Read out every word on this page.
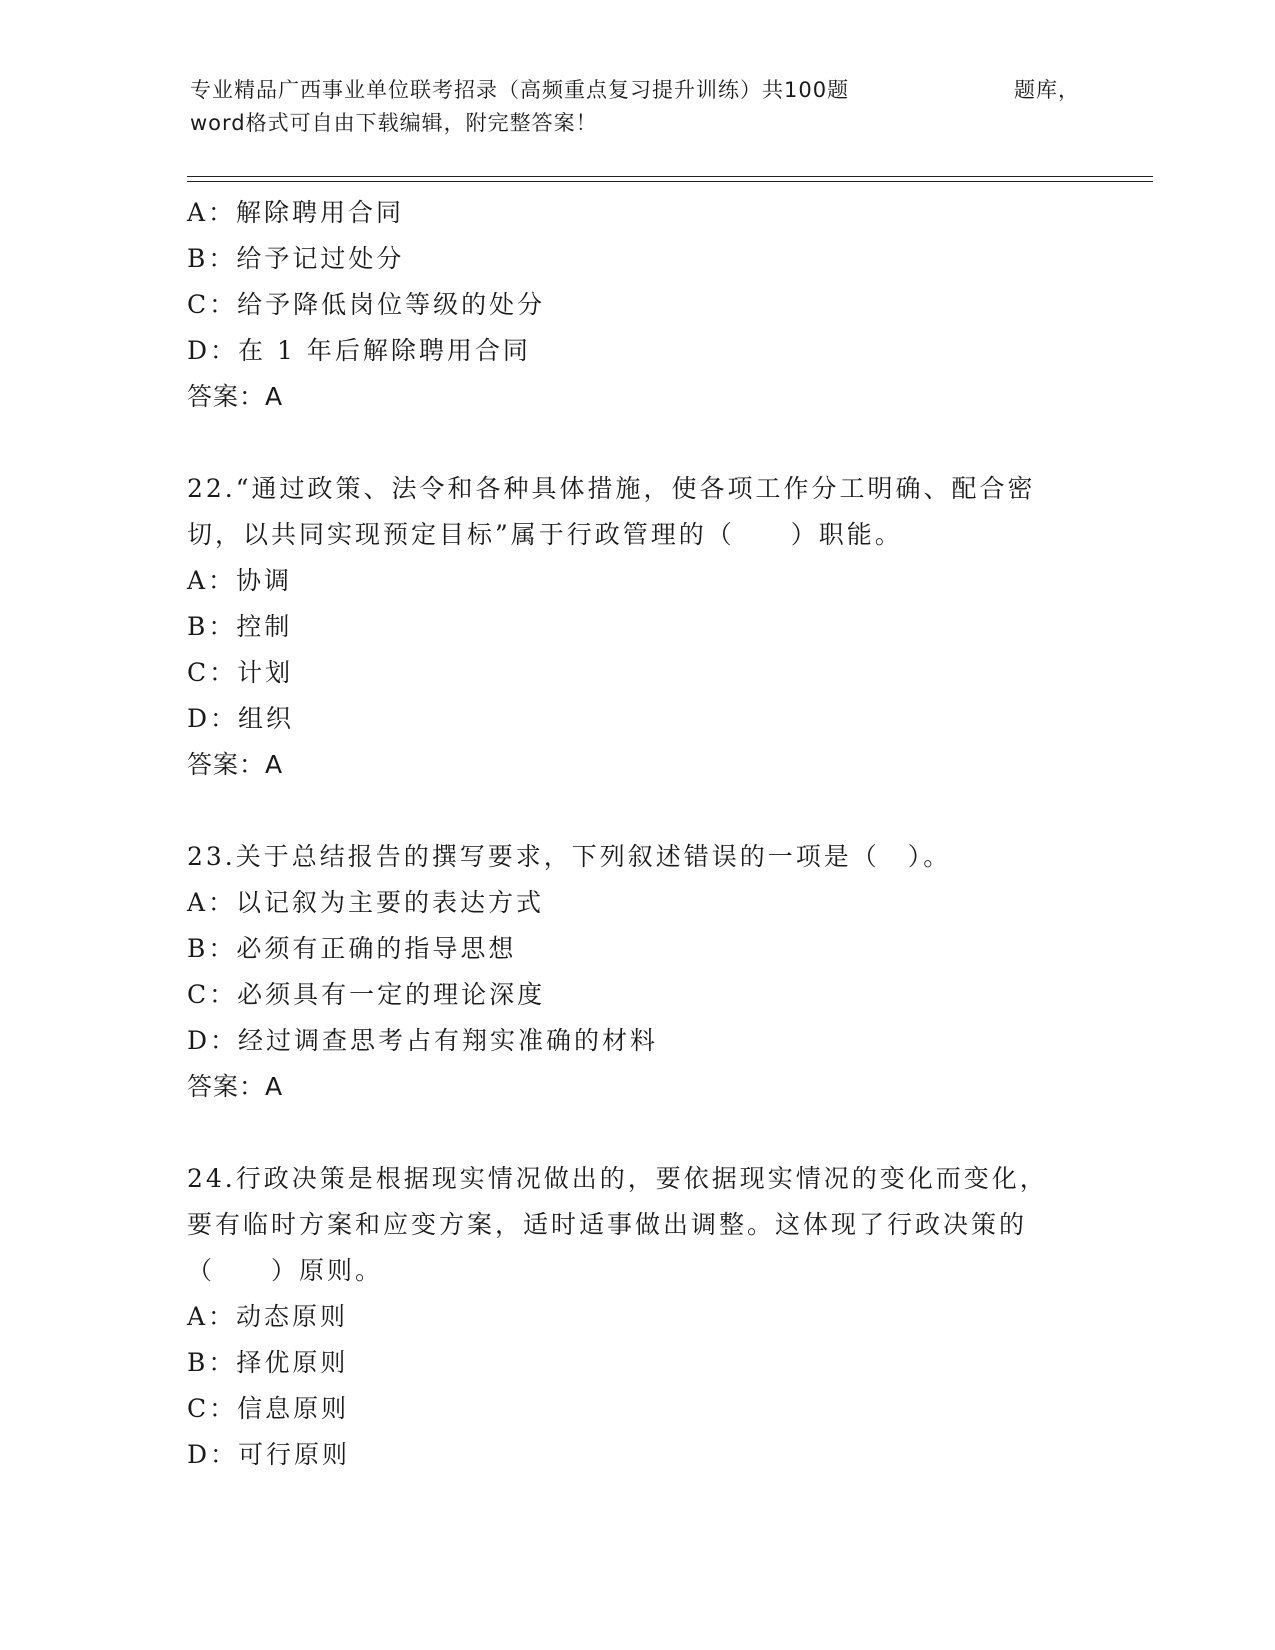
专业精品广西事业单位联考招录（高频重点复习提升训练）共100题	题库，
word格式可自由下载编辑，附完整答案！
A：解除聘用合同
B：给予记过处分
C：给予降低岗位等级的处分
D：在 1 年后解除聘用合同
答案：A
22.“通过政策、法令和各种具体措施，使各项工作分工明确、配合密
切，以共同实现预定目标”属于行政管理的（　　）职能。
A：协调
B：控制
C：计划
D：组织
答案：A
23.关于总结报告的撰写要求，下列叙述错误的一项是（　）。
A：以记叙为主要的表达方式
B：必须有正确的指导思想
C：必须具有一定的理论深度
D：经过调查思考占有翔实准确的材料
答案：A
24.行政决策是根据现实情况做出的，要依据现实情况的变化而变化，
要有临时方案和应变方案，适时适事做出调整。这体现了行政决策的
（　　）原则。
A：动态原则
B：择优原则
C：信息原则
D：可行原则
